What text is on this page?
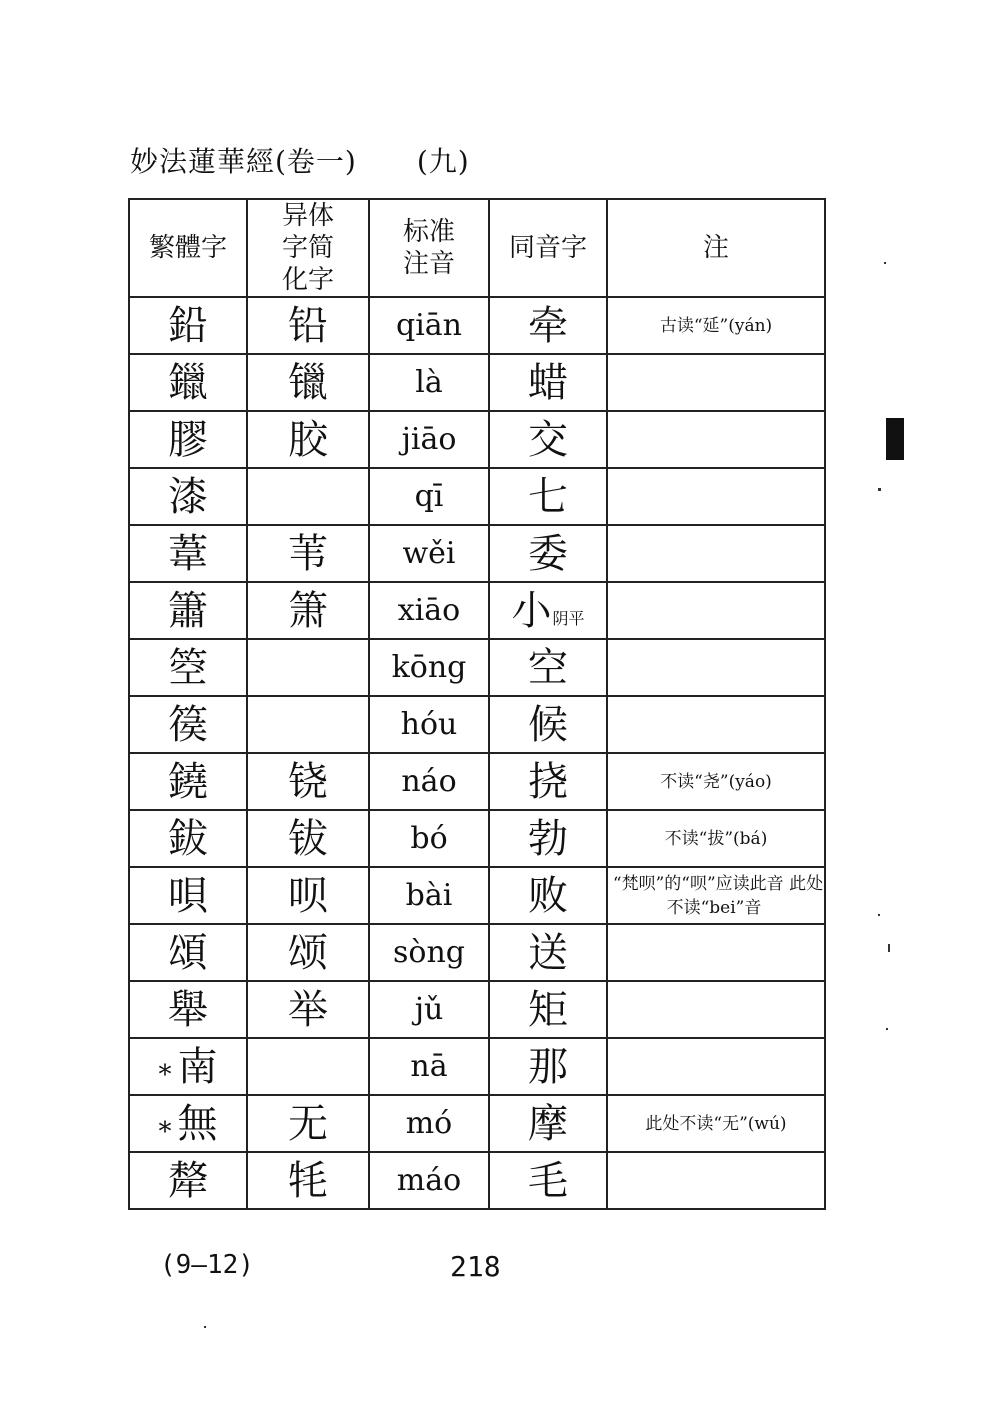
妙法蓮華經(卷一) (九)
繁體字	异体字简化字	标准注音	同音字	注
鉛	铅	qiān	牵	古读“延”(yán)
鑞	镴	là	蜡	
膠	胶	jiāo	交	
漆		qī	七	
葦	苇	wěi	委	
簫	箫	xiāo	小阴平	
箜		kōng	空	
篌		hóu	候	
鐃	铙	náo	挠	不读“尧”(yáo)
鈸	钹	bó	勃	不读“拔”(bá)
唄	呗	bài	败	“梵呗”的“呗”应读此音 此处不读“bei”音
頌	颂	sòng	送	
舉	举	jǔ	矩	
* 南		nā	那	
* 無	无	mó	摩	此处不读“无”(wú)
犛	牦	máo	毛	
(9—12)	218
